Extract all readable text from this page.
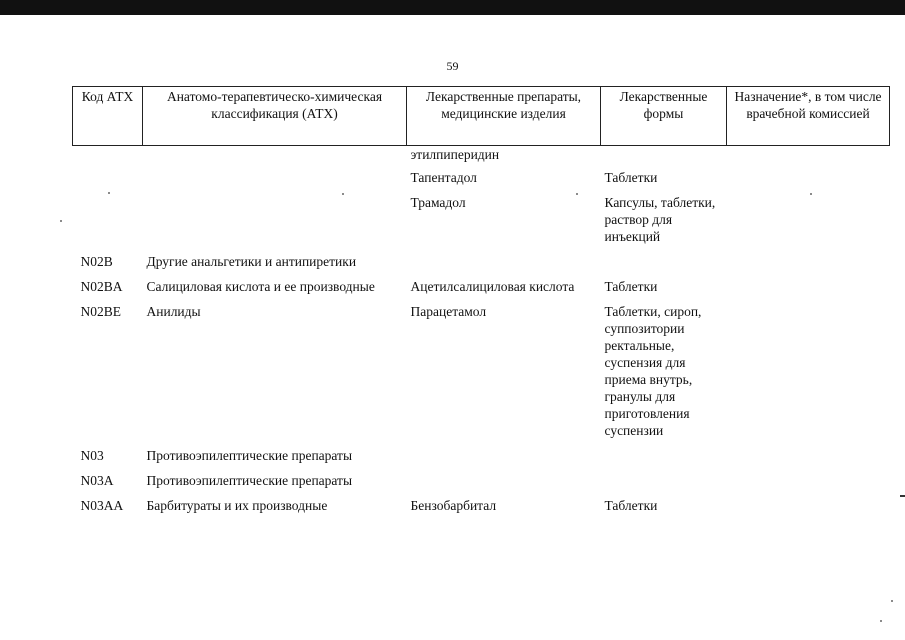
59
Код АТХ	Анатомо-терапевтическо-химическая классификация (АТХ)	Лекарственные препараты, медицинские изделия	Лекарственные формы	Назначение*, в том числе врачебной комиссией
		этилпиперидин		
		Тапентадол	Таблетки	
		Трамадол	Капсулы, таблетки, раствор для инъекций	
N02B	Другие анальгетики и антипиретики			
N02BA	Салициловая кислота и ее производные	Ацетилсалициловая кислота	Таблетки	
N02BE	Анилиды	Парацетамол	Таблетки, сироп, суппозитории ректальные, суспензия для приема внутрь, гранулы для приготовления суспензии	
N03	Противоэпилептические препараты			
N03A	Противоэпилептические препараты			
N03AA	Барбитураты и их производные	Бензобарбитал	Таблетки	
